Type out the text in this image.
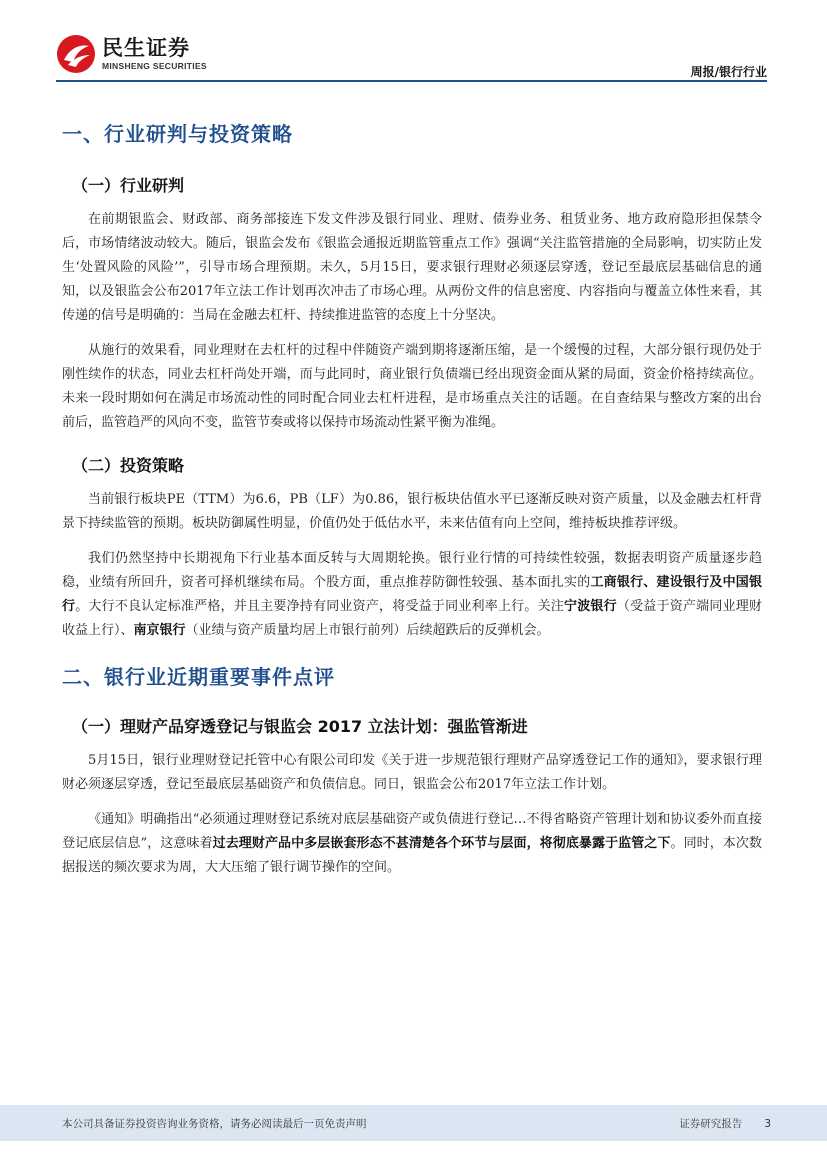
民生证券
MINSHENG SECURITIES	周报/银行行业
一、行业研判与投资策略
（一）行业研判

在前期银监会、财政部、商务部接连下发文件涉及银行同业、理财、债券业务、租赁业务、地方政府隐形担保禁令后，市场情绪波动较大。随后，银监会发布《银监会通报近期监管重点工作》强调“关注监管措施的全局影响，切实防止发生‘处置风险的风险’”，引导市场合理预期。未久，5月15日，要求银行理财必须逐层穿透，登记至最底层基础信息的通知，以及银监会公布2017年立法工作计划再次冲击了市场心理。从两份文件的信息密度、内容指向与覆盖立体性来看，其传递的信号是明确的：当局在金融去杠杆、持续推进监管的态度上十分坚决。

从施行的效果看，同业理财在去杠杆的过程中伴随资产端到期将逐渐压缩，是一个缓慢的过程，大部分银行现仍处于刚性续作的状态，同业去杠杆尚处开端，而与此同时，商业银行负债端已经出现资金面从紧的局面，资金价格持续高位。未来一段时期如何在满足市场流动性的同时配合同业去杠杆进程，是市场重点关注的话题。在自查结果与整改方案的出台前后，监管趋严的风向不变，监管节奏或将以保持市场流动性紧平衡为准绳。

（二）投资策略

当前银行板块PE（TTM）为6.6，PB（LF）为0.86，银行板块估值水平已逐渐反映对资产质量，以及金融去杠杆背景下持续监管的预期。板块防御属性明显，价值仍处于低估水平，未来估值有向上空间，维持板块推荐评级。

我们仍然坚持中长期视角下行业基本面反转与大周期轮换。银行业行情的可持续性较强，数据表明资产质量逐步趋稳，业绩有所回升，资者可择机继续布局。个股方面，重点推荐防御性较强、基本面扎实的工商银行、建设银行及中国银行。大行不良认定标准严格，并且主要净持有同业资产，将受益于同业利率上行。关注宁波银行（受益于资产端同业理财收益上行）、南京银行（业绩与资产质量均居上市银行前列）后续超跌后的反弹机会。

二、银行业近期重要事件点评
（一）理财产品穿透登记与银监会 2017 立法计划：强监管渐进

5月15日，银行业理财登记托管中心有限公司印发《关于进一步规范银行理财产品穿透登记工作的通知》，要求银行理财必须逐层穿透，登记至最底层基础资产和负债信息。同日，银监会公布2017年立法工作计划。

《通知》明确指出“必须通过理财登记系统对底层基础资产或负债进行登记…不得省略资产管理计划和协议委外而直接登记底层信息”，这意味着过去理财产品中多层嵌套形态不甚清楚各个环节与层面，将彻底暴露于监管之下。同时，本次数据报送的频次要求为周，大大压缩了银行调节操作的空间。

本公司具备证券投资咨询业务资格，请务必阅读最后一页免责声明	证券研究报告 3
